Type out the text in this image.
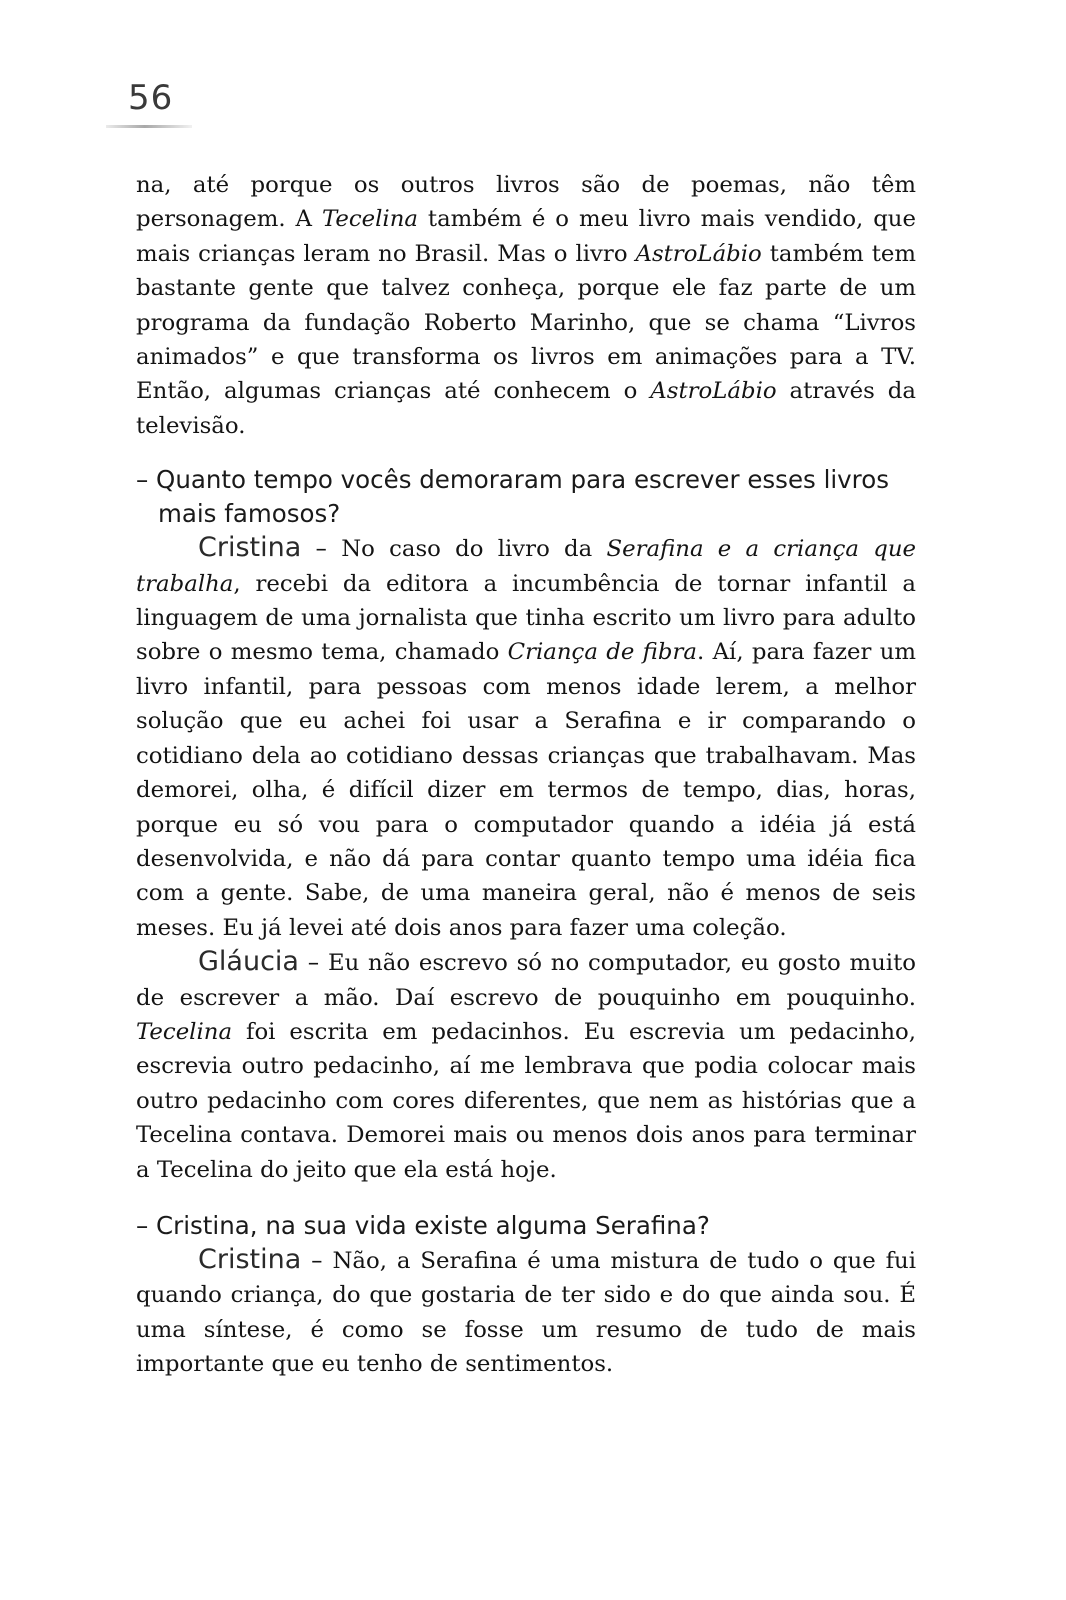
56

na, até porque os outros livros são de poemas, não têm personagem. A Tecelina também é o meu livro mais vendido, que mais crianças leram no Brasil. Mas o livro AstroLábio também tem bastante gente que talvez conheça, porque ele faz parte de um programa da fundação Roberto Marinho, que se chama “Livros animados” e que transforma os livros em animações para a TV. Então, algumas crianças até conhecem o AstroLábio através da televisão.

– Quanto tempo vocês demoraram para escrever esses livros mais famosos?

Cristina – No caso do livro da Serafina e a criança que trabalha, recebi da editora a incumbência de tornar infantil a linguagem de uma jornalista que tinha escrito um livro para adulto sobre o mesmo tema, chamado Criança de fibra. Aí, para fazer um livro infantil, para pessoas com menos idade lerem, a melhor solução que eu achei foi usar a Serafina e ir comparando o cotidiano dela ao cotidiano dessas crianças que trabalhavam. Mas demorei, olha, é difícil dizer em termos de tempo, dias, horas, porque eu só vou para o computador quando a idéia já está desenvolvida, e não dá para contar quanto tempo uma idéia fica com a gente. Sabe, de uma maneira geral, não é menos de seis meses. Eu já levei até dois anos para fazer uma coleção.

Gláucia – Eu não escrevo só no computador, eu gosto muito de escrever a mão. Daí escrevo de pouquinho em pouquinho. Tecelina foi escrita em pedacinhos. Eu escrevia um pedacinho, escrevia outro pedacinho, aí me lembrava que podia colocar mais outro pedacinho com cores diferentes, que nem as histórias que a Tecelina contava. Demorei mais ou menos dois anos para terminar a Tecelina do jeito que ela está hoje.

– Cristina, na sua vida existe alguma Serafina?

Cristina – Não, a Serafina é uma mistura de tudo o que fui quando criança, do que gostaria de ter sido e do que ainda sou. É uma síntese, é como se fosse um resumo de tudo de mais importante que eu tenho de sentimentos.
